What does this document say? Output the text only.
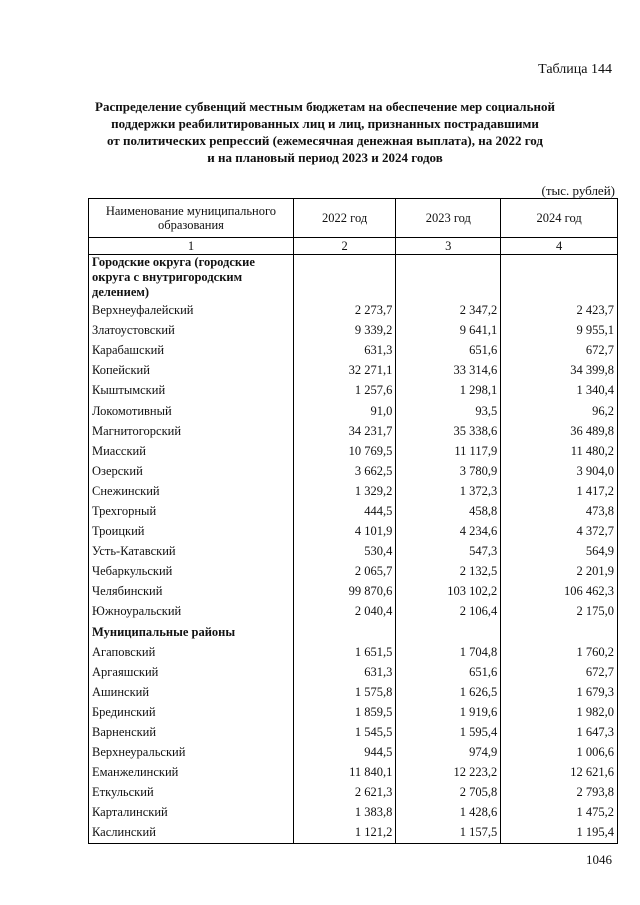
Таблица 144
Распределение субвенций местным бюджетам на обеспечение мер социальной
поддержки реабилитированных лиц и лиц, признанных пострадавшими
от политических репрессий (ежемесячная денежная выплата), на 2022 год
и на плановый период 2023 и 2024 годов
(тыс. рублей)
Наименование муниципального образования	2022 год	2023 год	2024 год
1	2	3	4
Городские округа (городские округа с внутригородским делением)			
Верхнеуфалейский	2 273,7	2 347,2	2 423,7
Златоустовский	9 339,2	9 641,1	9 955,1
Карабашский	631,3	651,6	672,7
Копейский	32 271,1	33 314,6	34 399,8
Кыштымский	1 257,6	1 298,1	1 340,4
Локомотивный	91,0	93,5	96,2
Магнитогорский	34 231,7	35 338,6	36 489,8
Миасский	10 769,5	11 117,9	11 480,2
Озерский	3 662,5	3 780,9	3 904,0
Снежинский	1 329,2	1 372,3	1 417,2
Трехгорный	444,5	458,8	473,8
Троицкий	4 101,9	4 234,6	4 372,7
Усть-Катавский	530,4	547,3	564,9
Чебаркульский	2 065,7	2 132,5	2 201,9
Челябинский	99 870,6	103 102,2	106 462,3
Южноуральский	2 040,4	2 106,4	2 175,0
Муниципальные районы			
Агаповский	1 651,5	1 704,8	1 760,2
Аргаяшский	631,3	651,6	672,7
Ашинский	1 575,8	1 626,5	1 679,3
Брединский	1 859,5	1 919,6	1 982,0
Варненский	1 545,5	1 595,4	1 647,3
Верхнеуральский	944,5	974,9	1 006,6
Еманжелинский	11 840,1	12 223,2	12 621,6
Еткульский	2 621,3	2 705,8	2 793,8
Карталинский	1 383,8	1 428,6	1 475,2
Каслинский	1 121,2	1 157,5	1 195,4
1046
